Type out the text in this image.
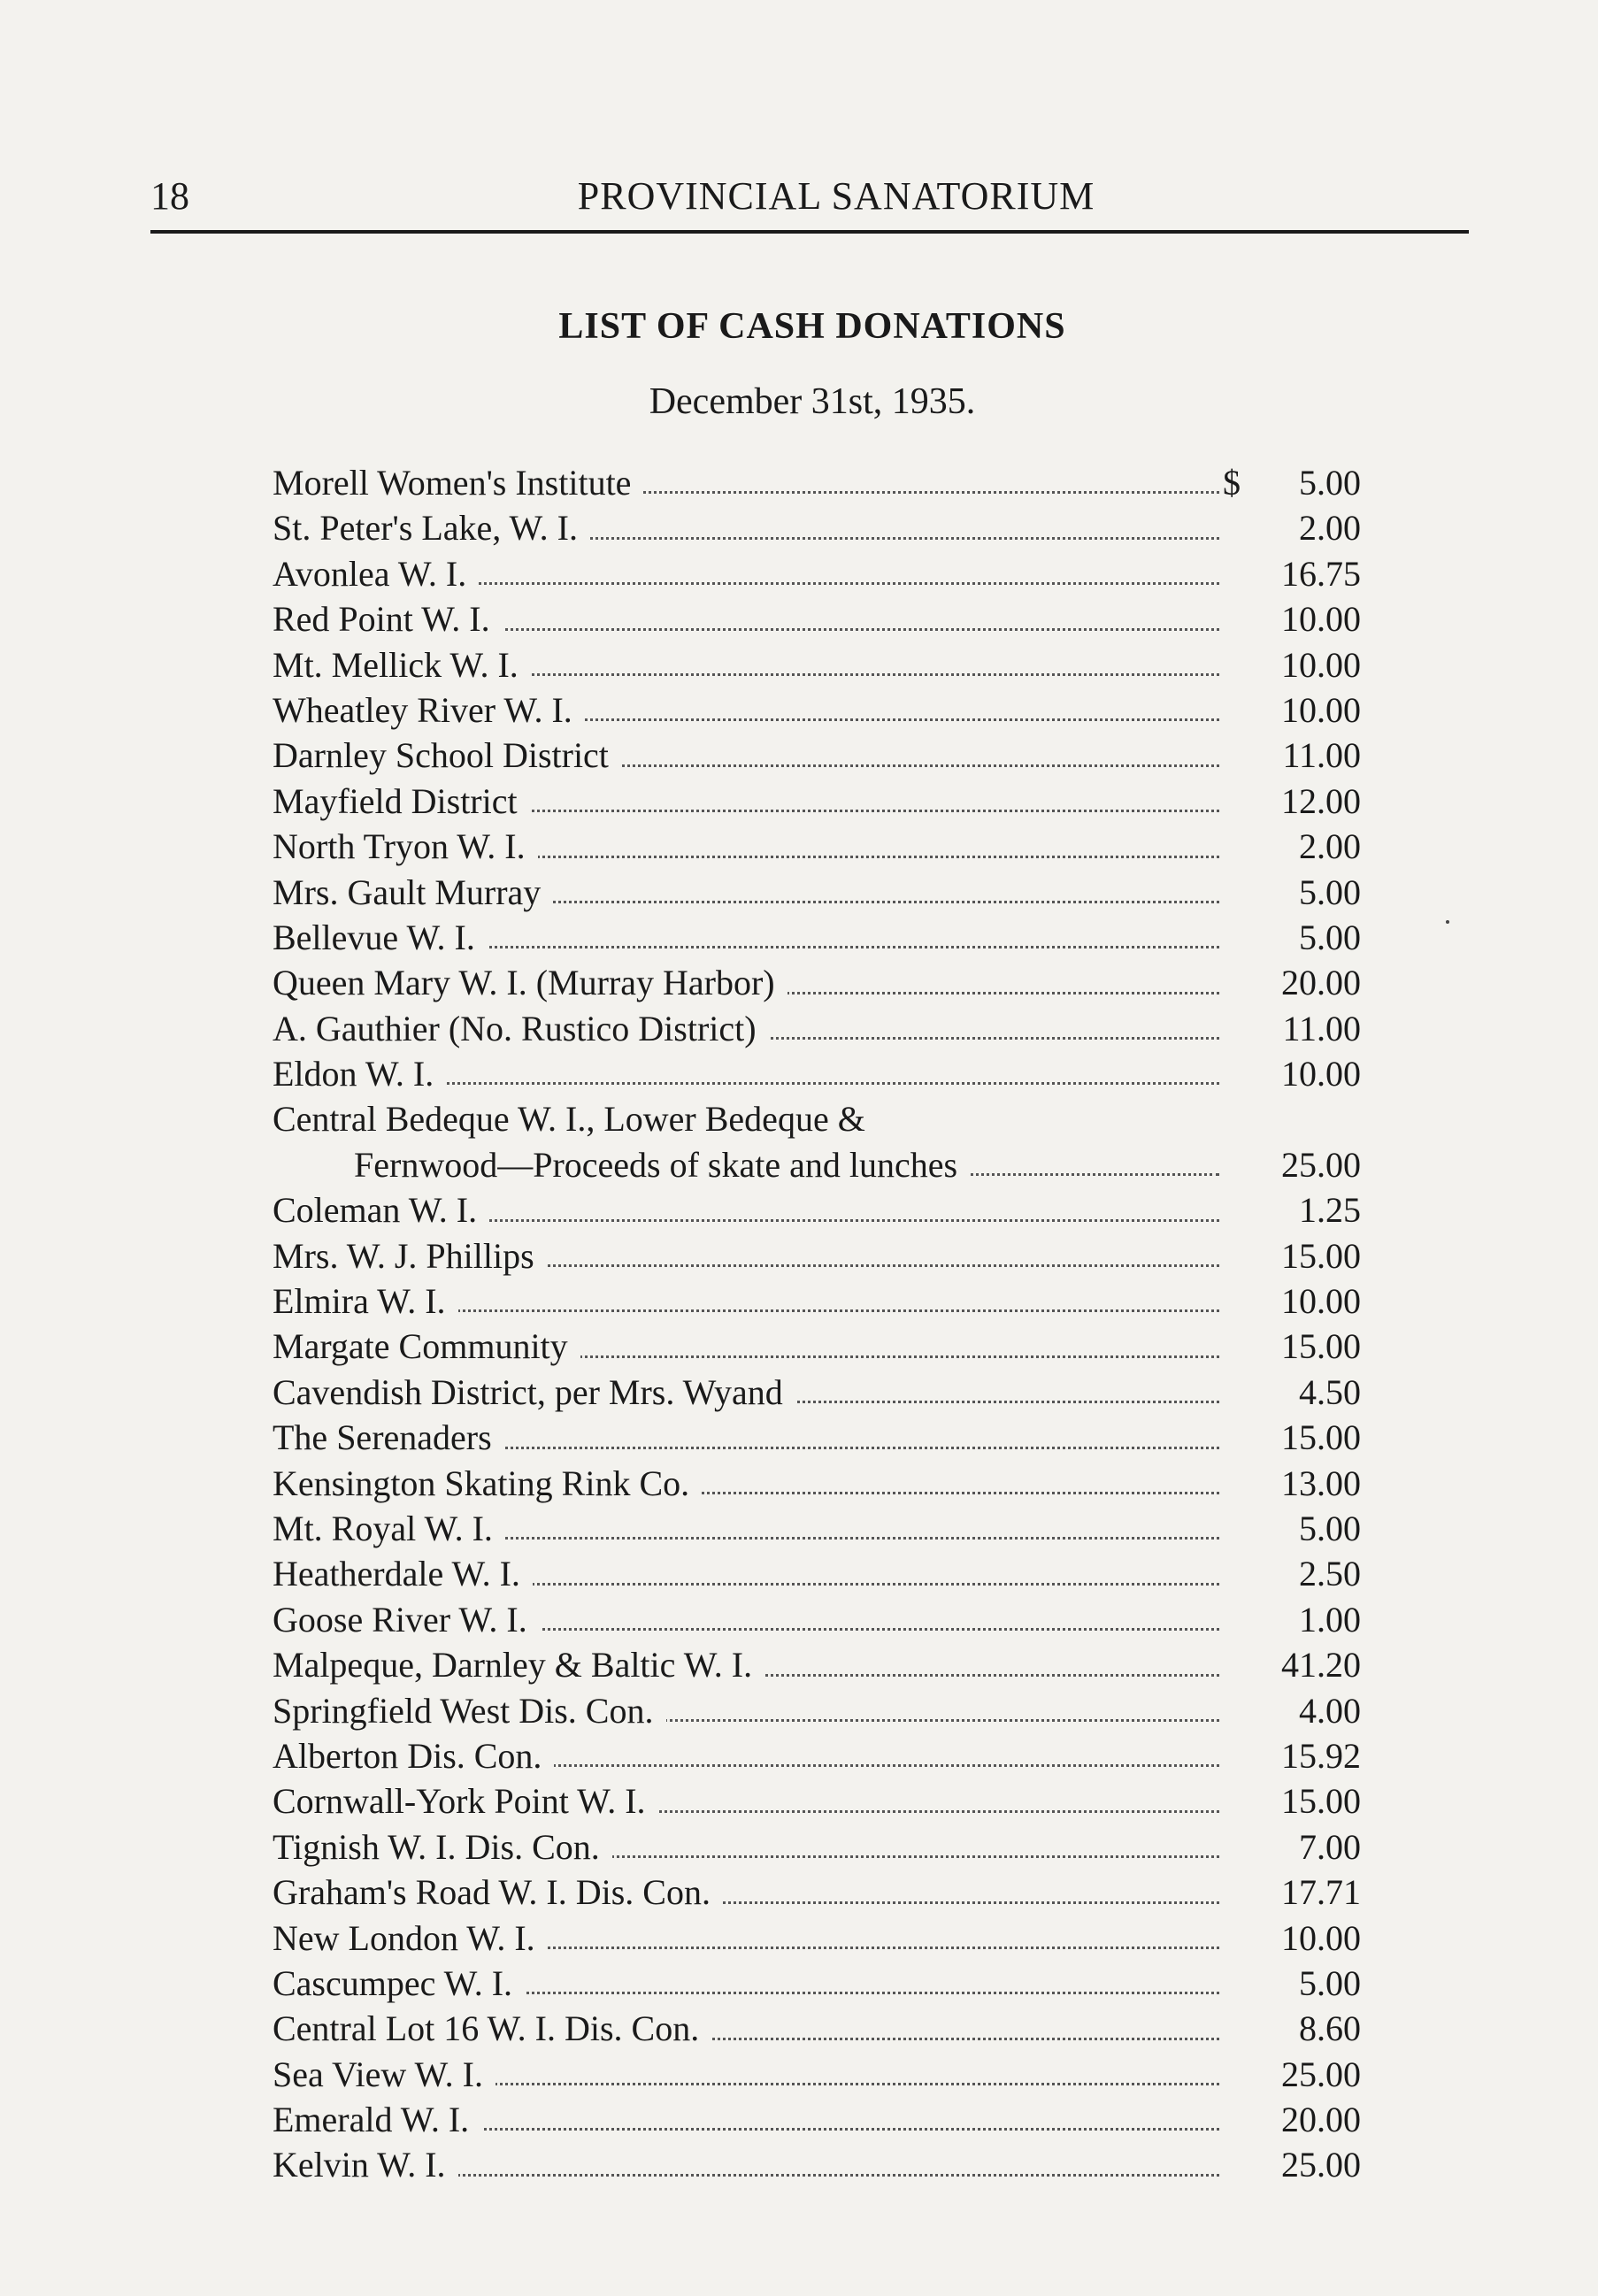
18	PROVINCIAL SANATORIUM
LIST OF CASH DONATIONS
December 31st, 1935.
Morell Women's Institute	$	5.00
St. Peter's Lake, W. I.	2.00
Avonlea W. I.	16.75
Red Point W. I.	10.00
Mt. Mellick W. I.	10.00
Wheatley River W. I.	10.00
Darnley School District	11.00
Mayfield District	12.00
North Tryon W. I.	2.00
Mrs. Gault Murray	5.00
Bellevue W. I.	5.00
Queen Mary W. I. (Murray Harbor)	20.00
A. Gauthier (No. Rustico District)	11.00
Eldon W. I.	10.00
Central Bedeque W. I., Lower Bedeque &
Fernwood—Proceeds of skate and lunches	25.00
Coleman W. I.	1.25
Mrs. W. J. Phillips	15.00
Elmira W. I.	10.00
Margate Community	15.00
Cavendish District, per Mrs. Wyand	4.50
The Serenaders	15.00
Kensington Skating Rink Co.	13.00
Mt. Royal W. I.	5.00
Heatherdale W. I.	2.50
Goose River W. I.	1.00
Malpeque, Darnley & Baltic W. I.	41.20
Springfield West Dis. Con.	4.00
Alberton Dis. Con.	15.92
Cornwall-York Point W. I.	15.00
Tignish W. I. Dis. Con.	7.00
Graham's Road W. I. Dis. Con.	17.71
New London W. I.	10.00
Cascumpec W. I.	5.00
Central Lot 16 W. I. Dis. Con.	8.60
Sea View W. I.	25.00
Emerald W. I.	20.00
Kelvin W. I.	25.00
